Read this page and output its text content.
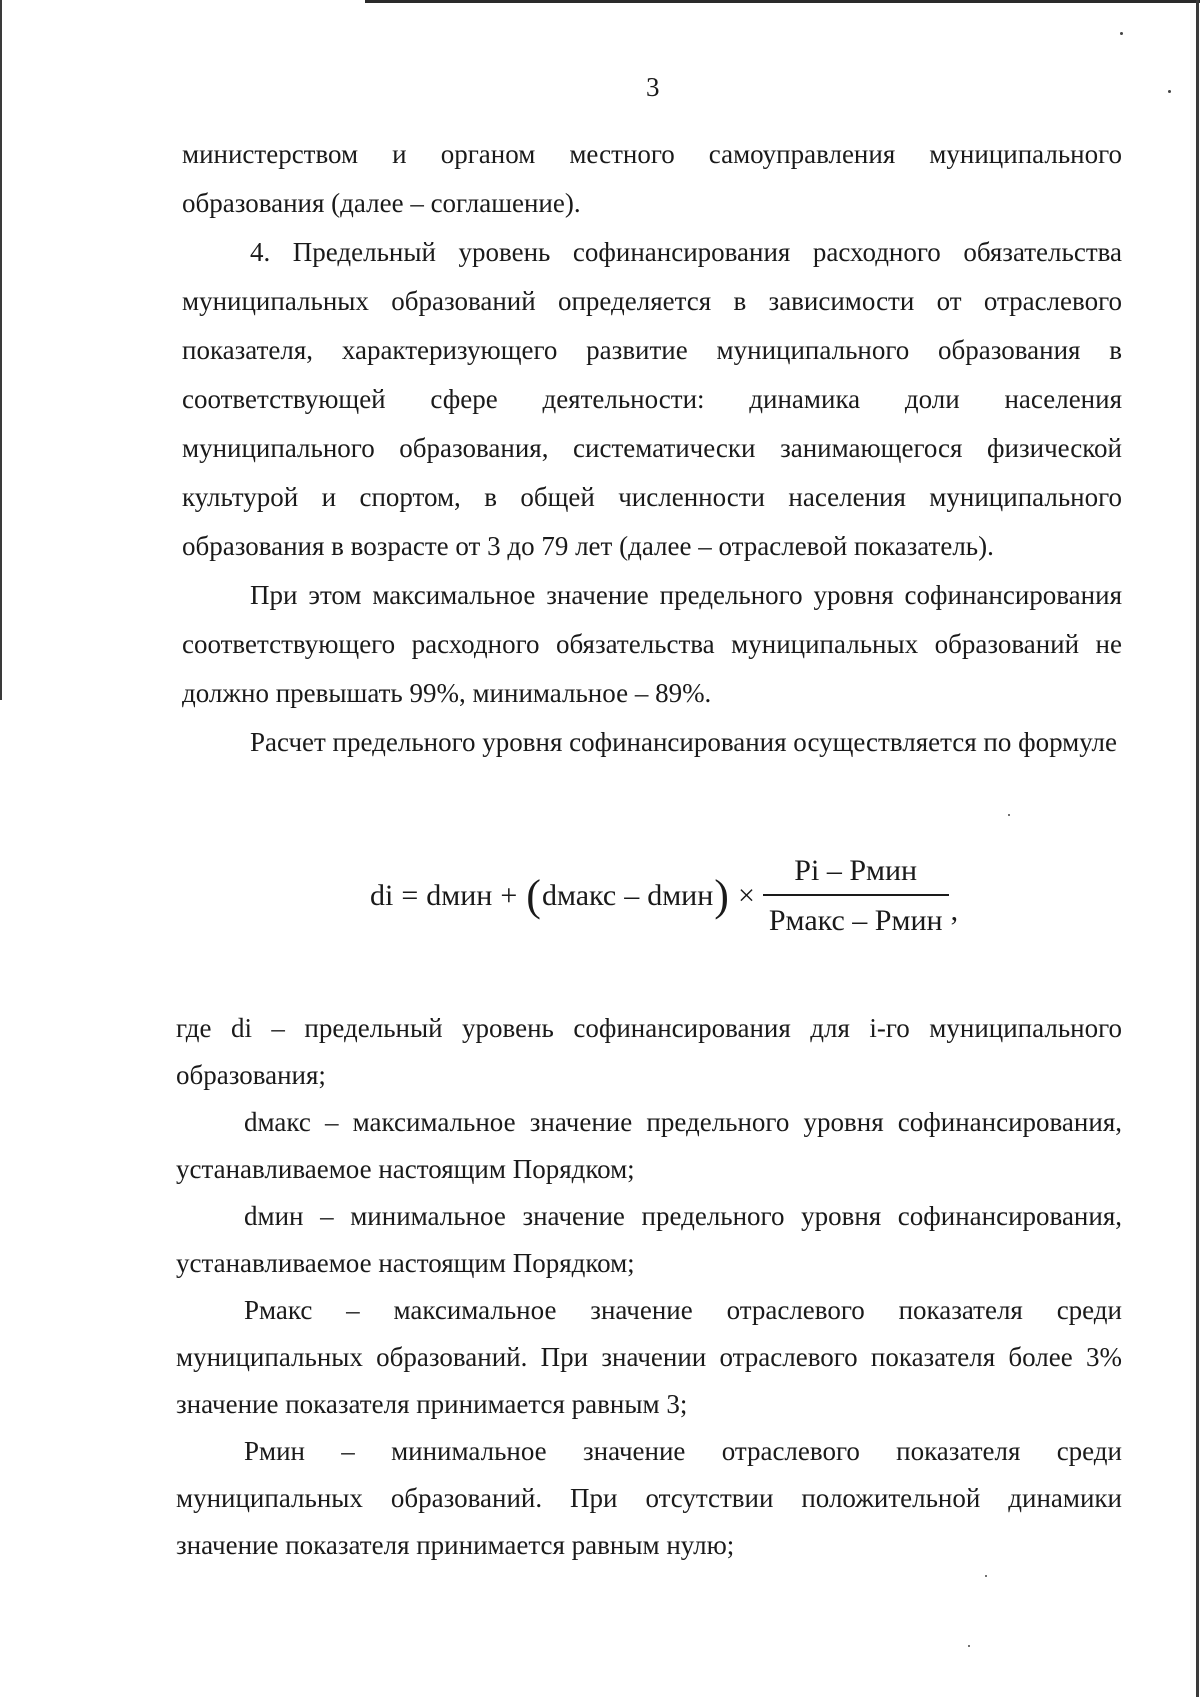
3
министерством и органом местного самоуправления муниципального
образования (далее – соглашение).

4. Предельный уровень софинансирования расходного обязательства муниципальных образований определяется в зависимости от отраслевого показателя, характеризующего развитие муниципального образования в соответствующей сфере деятельности: динамика доли населения муниципального образования, систематически занимающегося физической культурой и спортом, в общей численности населения муниципального образования в возрасте от 3 до 79 лет (далее – отраслевой показатель).

При этом максимальное значение предельного уровня софинансирования соответствующего расходного обязательства муниципальных образований не должно превышать 99%, минимальное – 89%.

Расчет предельного уровня софинансирования осуществляется по формуле

di = dмин + ( dмакс – dмин ) × $\frac{\text{Pi – Pмин}}{\text{Pмакс – Pмин}}$ ,

где di – предельный уровень софинансирования для i-го муниципального образования;

dмакс – максимальное значение предельного уровня софинансирования, устанавливаемое настоящим Порядком;

dмин – минимальное значение предельного уровня софинансирования, устанавливаемое настоящим Порядком;

Pмакс – максимальное значение отраслевого показателя среди муниципальных образований. При значении отраслевого показателя более 3% значение показателя принимается равным 3;

Pмин – минимальное значение отраслевого показателя среди муниципальных образований. При отсутствии положительной динамики значение показателя принимается равным нулю;
